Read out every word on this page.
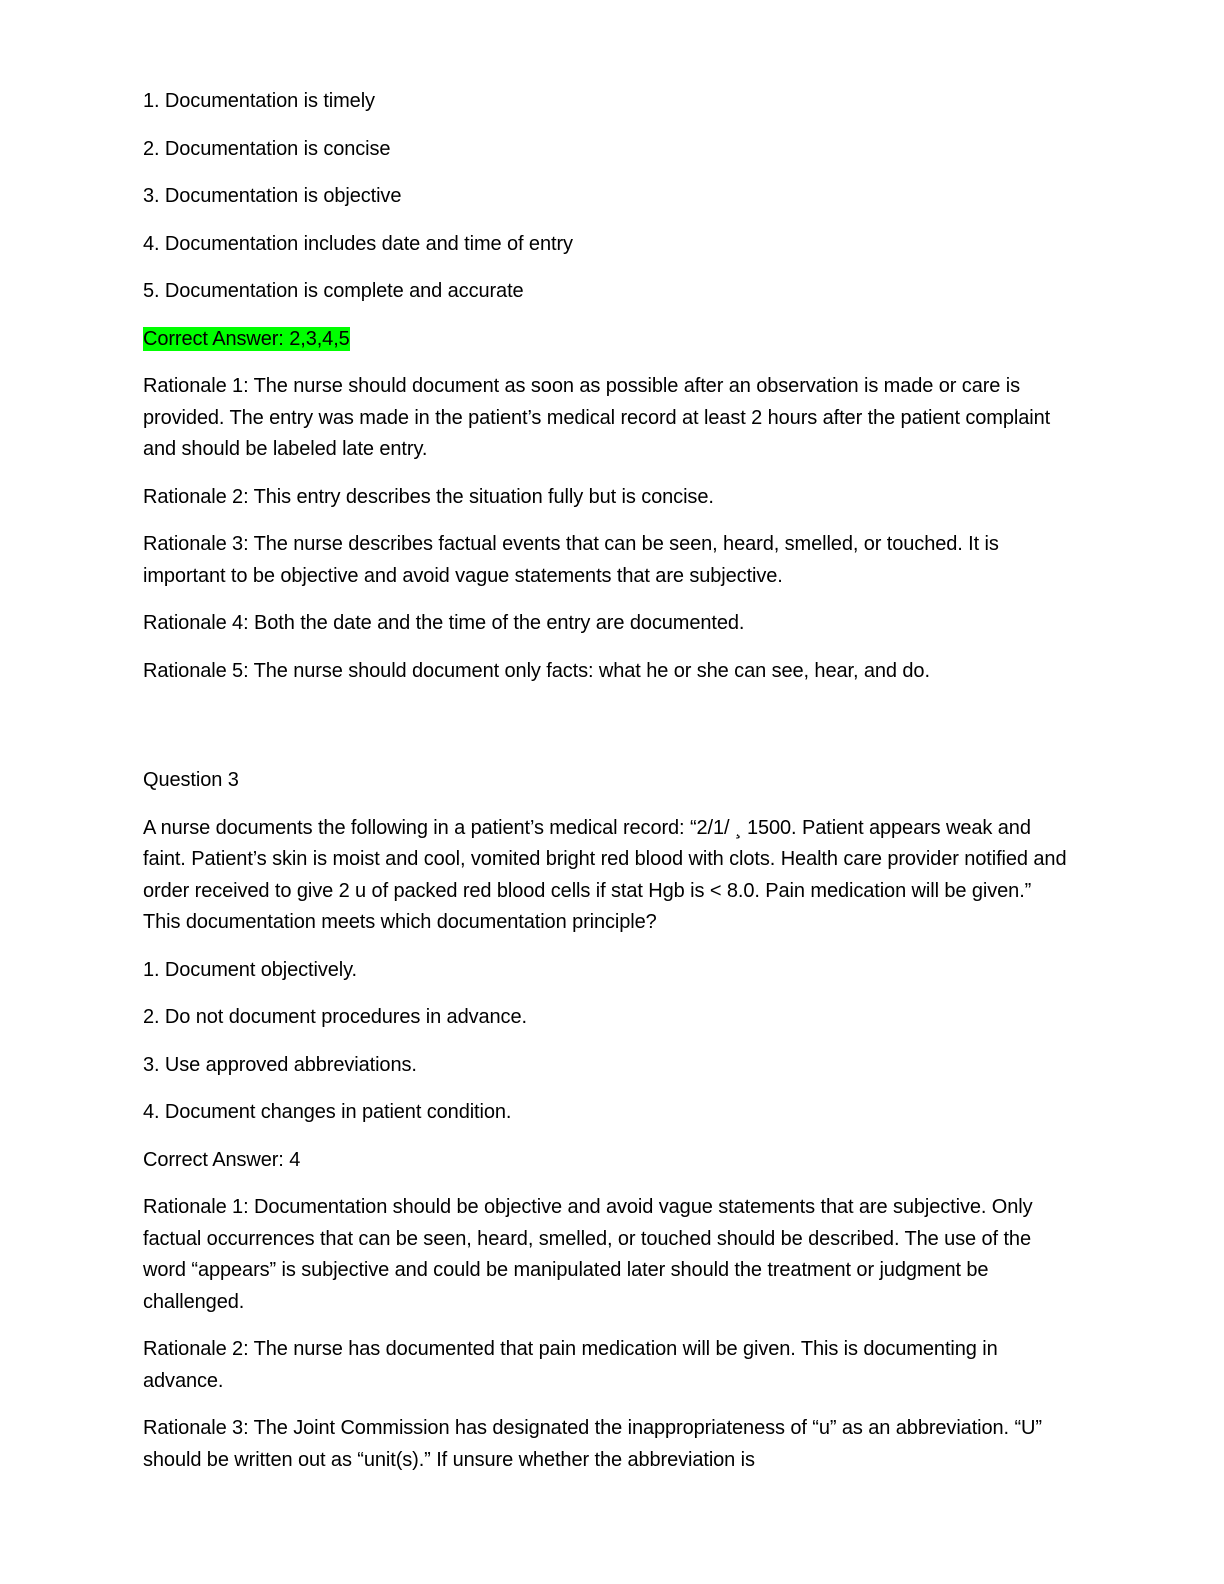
1. Documentation is timely
2. Documentation is concise
3. Documentation is objective
4. Documentation includes date and time of entry
5. Documentation is complete and accurate
Correct Answer: 2,3,4,5
Rationale 1: The nurse should document as soon as possible after an observation is made or care is provided. The entry was made in the patient’s medical record at least 2 hours after the patient complaint and should be labeled late entry.
Rationale 2: This entry describes the situation fully but is concise.
Rationale 3: The nurse describes factual events that can be seen, heard, smelled, or touched. It is important to be objective and avoid vague statements that are subjective.
Rationale 4: Both the date and the time of the entry are documented.
Rationale 5: The nurse should document only facts: what he or she can see, hear, and do.
Question 3
A nurse documents the following in a patient’s medical record: “2/1/ ¸ 1500. Patient appears weak and faint. Patient’s skin is moist and cool, vomited bright red blood with clots. Health care provider notified and order received to give 2 u of packed red blood cells if stat Hgb is < 8.0. Pain medication will be given.” This documentation meets which documentation principle?
1. Document objectively.
2. Do not document procedures in advance.
3. Use approved abbreviations.
4. Document changes in patient condition.
Correct Answer: 4
Rationale 1: Documentation should be objective and avoid vague statements that are subjective. Only factual occurrences that can be seen, heard, smelled, or touched should be described. The use of the word “appears” is subjective and could be manipulated later should the treatment or judgment be challenged.
Rationale 2: The nurse has documented that pain medication will be given. This is documenting in advance.
Rationale 3: The Joint Commission has designated the inappropriateness of “u” as an abbreviation. “U” should be written out as “unit(s).” If unsure whether the abbreviation is
